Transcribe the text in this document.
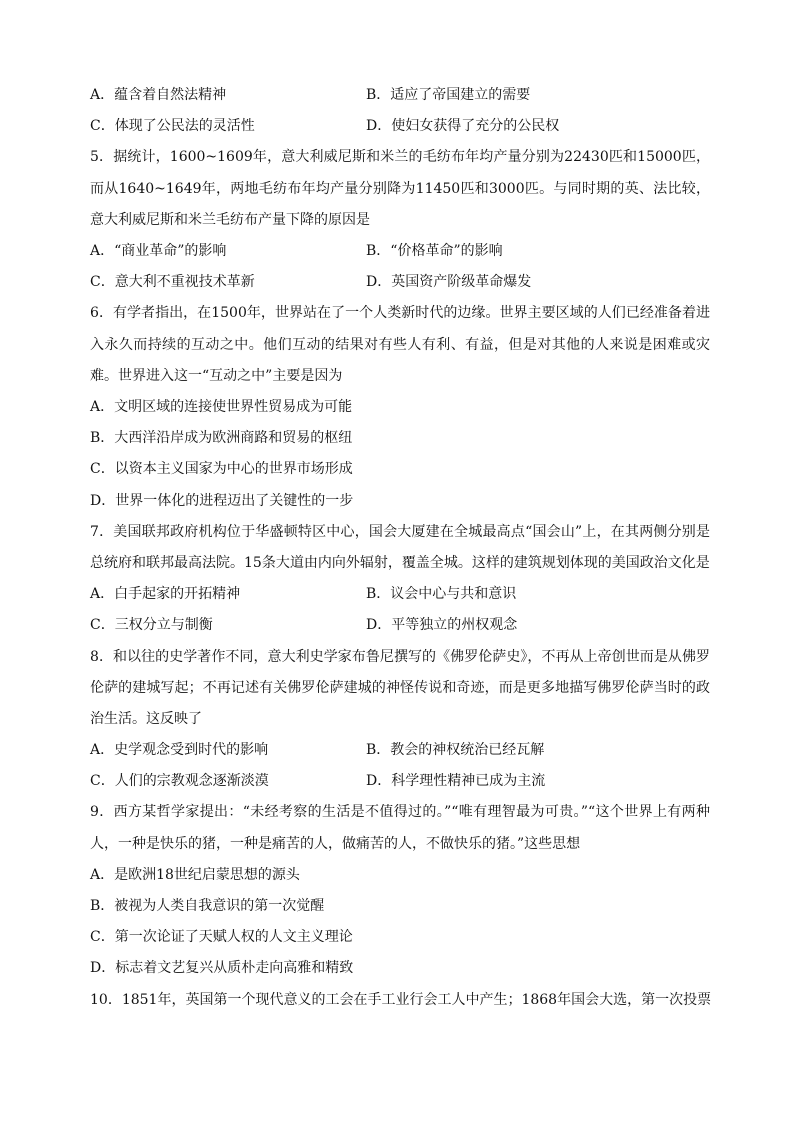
A．蕴含着自然法精神	B．适应了帝国建立的需要
C．体现了公民法的灵活性	D．使妇女获得了充分的公民权
5．据统计，1600~1609年，意大利威尼斯和米兰的毛纺布年均产量分别为22430匹和15000匹，而从1640~1649年，两地毛纺布年均产量分别降为11450匹和3000匹。与同时期的英、法比较，意大利威尼斯和米兰毛纺布产量下降的原因是
A．“商业革命”的影响	B．“价格革命”的影响
C．意大利不重视技术革新	D．英国资产阶级革命爆发
6．有学者指出，在1500年，世界站在了一个人类新时代的边缘。世界主要区域的人们已经准备着进入永久而持续的互动之中。他们互动的结果对有些人有利、有益，但是对其他的人来说是困难或灾难。世界进入这一“互动之中”主要是因为
A．文明区域的连接使世界性贸易成为可能
B．大西洋沿岸成为欧洲商路和贸易的枢纽
C．以资本主义国家为中心的世界市场形成
D．世界一体化的进程迈出了关键性的一步
7．美国联邦政府机构位于华盛顿特区中心，国会大厦建在全城最高点“国会山”上，在其两侧分别是总统府和联邦最高法院。15条大道由内向外辐射，覆盖全城。这样的建筑规划体现的美国政治文化是
A．白手起家的开拓精神	B．议会中心与共和意识
C．三权分立与制衡	D．平等独立的州权观念
8．和以往的史学著作不同，意大利史学家布鲁尼撰写的《佛罗伦萨史》，不再从上帝创世而是从佛罗伦萨的建城写起；不再记述有关佛罗伦萨建城的神怪传说和奇迹，而是更多地描写佛罗伦萨当时的政治生活。这反映了
A．史学观念受到时代的影响	B．教会的神权统治已经瓦解
C．人们的宗教观念逐渐淡漠	D．科学理性精神已成为主流
9．西方某哲学家提出：“未经考察的生活是不值得过的。”“唯有理智最为可贵。”“这个世界上有两种人，一种是快乐的猪，一种是痛苦的人，做痛苦的人，不做快乐的猪。”这些思想
A．是欧洲18世纪启蒙思想的源头
B．被视为人类自我意识的第一次觉醒
C．第一次论证了天赋人权的人文主义理论
D．标志着文艺复兴从质朴走向高雅和精致
10．1851年，英国第一个现代意义的工会在手工业行会工人中产生；1868年国会大选，第一次投票
